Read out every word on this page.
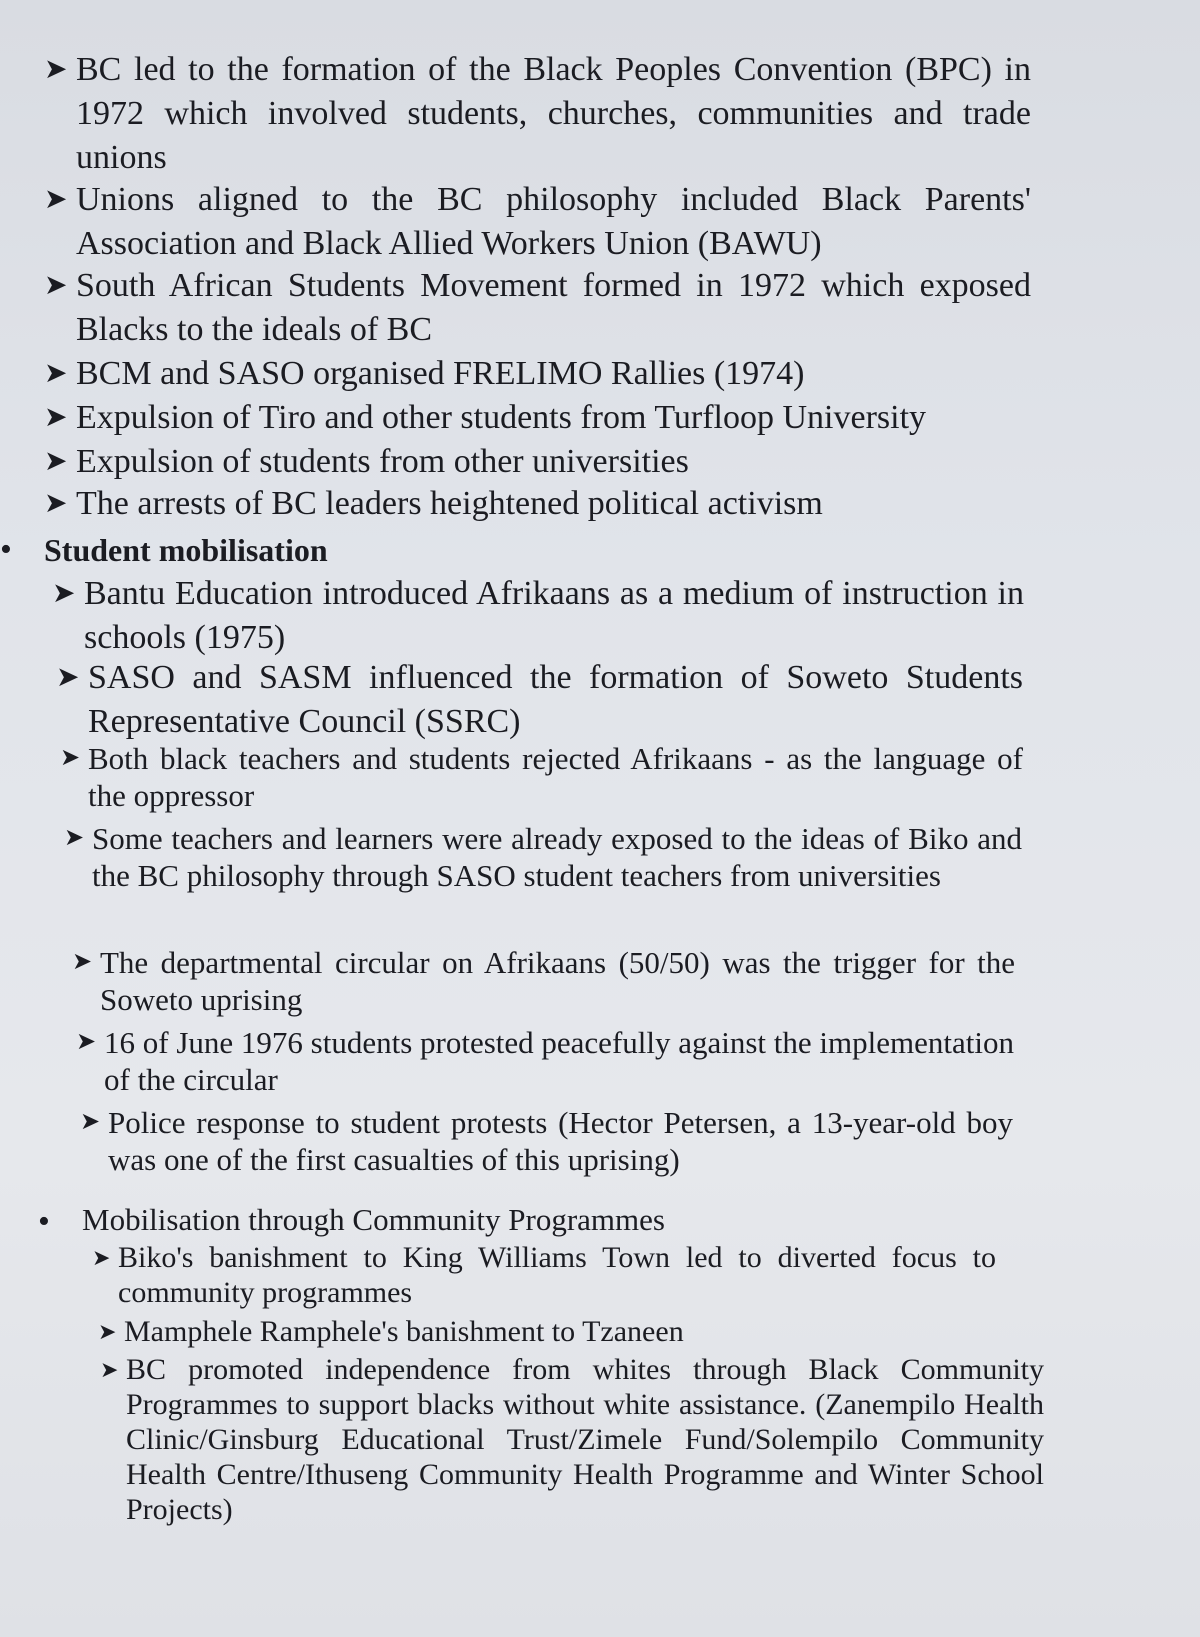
➤ BC led to the formation of the Black Peoples Convention (BPC) in 1972 which involved students, churches, communities and trade unions
➤ Unions aligned to the BC philosophy included Black Parents' Association and Black Allied Workers Union (BAWU)
➤ South African Students Movement formed in 1972 which exposed Blacks to the ideals of BC
➤ BCM and SASO organised FRELIMO Rallies (1974)
➤ Expulsion of Tiro and other students from Turfloop University
➤ Expulsion of students from other universities
➤ The arrests of BC leaders heightened political activism
•	Student mobilisation
➤ Bantu Education introduced Afrikaans as a medium of instruction in schools (1975)
➤ SASO and SASM influenced the formation of Soweto Students Representative Council (SSRC)
➤ Both black teachers and students rejected Afrikaans - as the language of the oppressor
➤ Some teachers and learners were already exposed to the ideas of Biko and the BC philosophy through SASO student teachers from universities
➤ The departmental circular on Afrikaans (50/50) was the trigger for the Soweto uprising
➤ 16 of June 1976 students protested peacefully against the implementation of the circular
➤ Police response to student protests (Hector Petersen, a 13-year-old boy was one of the first casualties of this uprising)
•	Mobilisation through Community Programmes
➤ Biko's banishment to King Williams Town led to diverted focus to community programmes
➤ Mamphele Ramphele's banishment to Tzaneen
➤ BC promoted independence from whites through Black Community Programmes to support blacks without white assistance. (Zanempilo Health Clinic/Ginsburg Educational Trust/Zimele Fund/Solempilo Community Health Centre/Ithuseng Community Health Programme and Winter School Projects)
